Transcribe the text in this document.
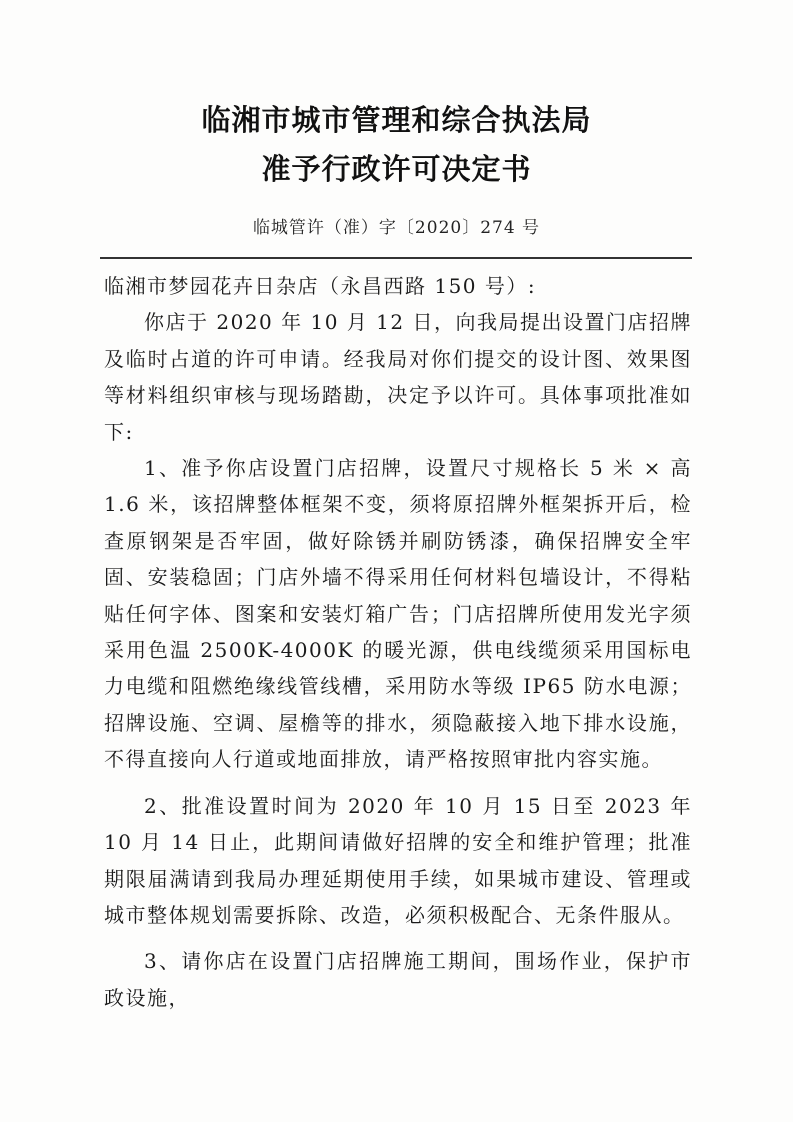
临湘市城市管理和综合执法局
准予行政许可决定书
临城管许（准）字〔2020〕274 号

临湘市梦园花卉日杂店（永昌西路 150 号）:

你店于 2020 年 10 月 12 日，向我局提出设置门店招牌及临时占道的许可申请。经我局对你们提交的设计图、效果图等材料组织审核与现场踏勘，决定予以许可。具体事项批准如下:

1、准予你店设置门店招牌，设置尺寸规格长 5 米 × 高 1.6 米，该招牌整体框架不变，须将原招牌外框架拆开后，检查原钢架是否牢固，做好除锈并刷防锈漆，确保招牌安全牢固、安装稳固；门店外墙不得采用任何材料包墙设计，不得粘贴任何字体、图案和安装灯箱广告；门店招牌所使用发光字须采用色温 2500K-4000K 的暖光源，供电线缆须采用国标电力电缆和阻燃绝缘线管线槽，采用防水等级 IP65 防水电源；招牌设施、空调、屋檐等的排水，须隐蔽接入地下排水设施，不得直接向人行道或地面排放，请严格按照审批内容实施。

2、批准设置时间为 2020 年 10 月 15 日至 2023 年 10 月 14 日止，此期间请做好招牌的安全和维护管理；批准期限届满请到我局办理延期使用手续，如果城市建设、管理或城市整体规划需要拆除、改造，必须积极配合、无条件服从。

3、请你店在设置门店招牌施工期间，围场作业，保护市政设施，
